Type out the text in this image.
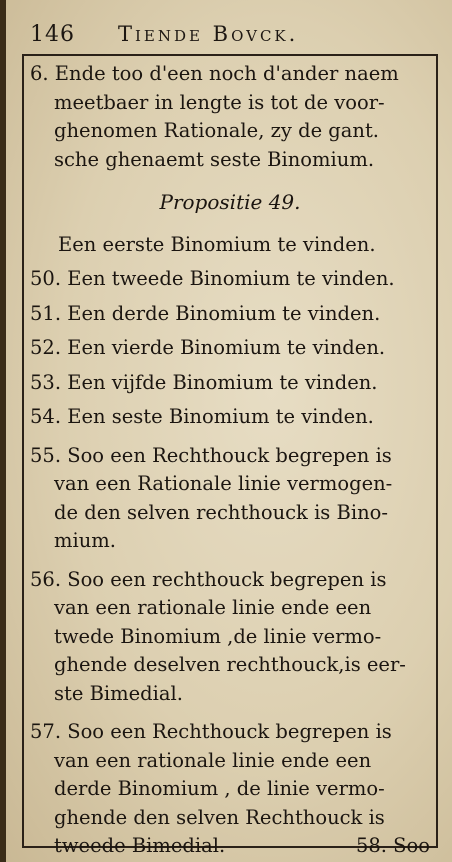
146 Tiende Bovck.
6. Ende too d'een noch d'ander naem
meetbaer in lengte is tot de voor-
ghenomen Rationale, zy de gant.
sche ghenaemt seste Binomium.
Propositie 49.
Een eerste Binomium te vinden.
50. Een tweede Binomium te vinden.
51. Een derde Binomium te vinden.
52. Een vierde Binomium te vinden.
53. Een vijfde Binomium te vinden.
54. Een seste Binomium te vinden.
55. Soo een Rechthouck begrepen is
van een Rationale linie vermogen-
de den selven rechthouck is Bino-
mium.
56. Soo een rechthouck begrepen is
van een rationale linie ende een
twede Binomium ,de linie vermo-
ghende deselven rechthouck,is eer-
ste Bimedial.
57. Soo een Rechthouck begrepen is
van een rationale linie ende een
derde Binomium , de linie vermo-
ghende den selven Rechthouck is
tweede Bimedial.	58. Soo
